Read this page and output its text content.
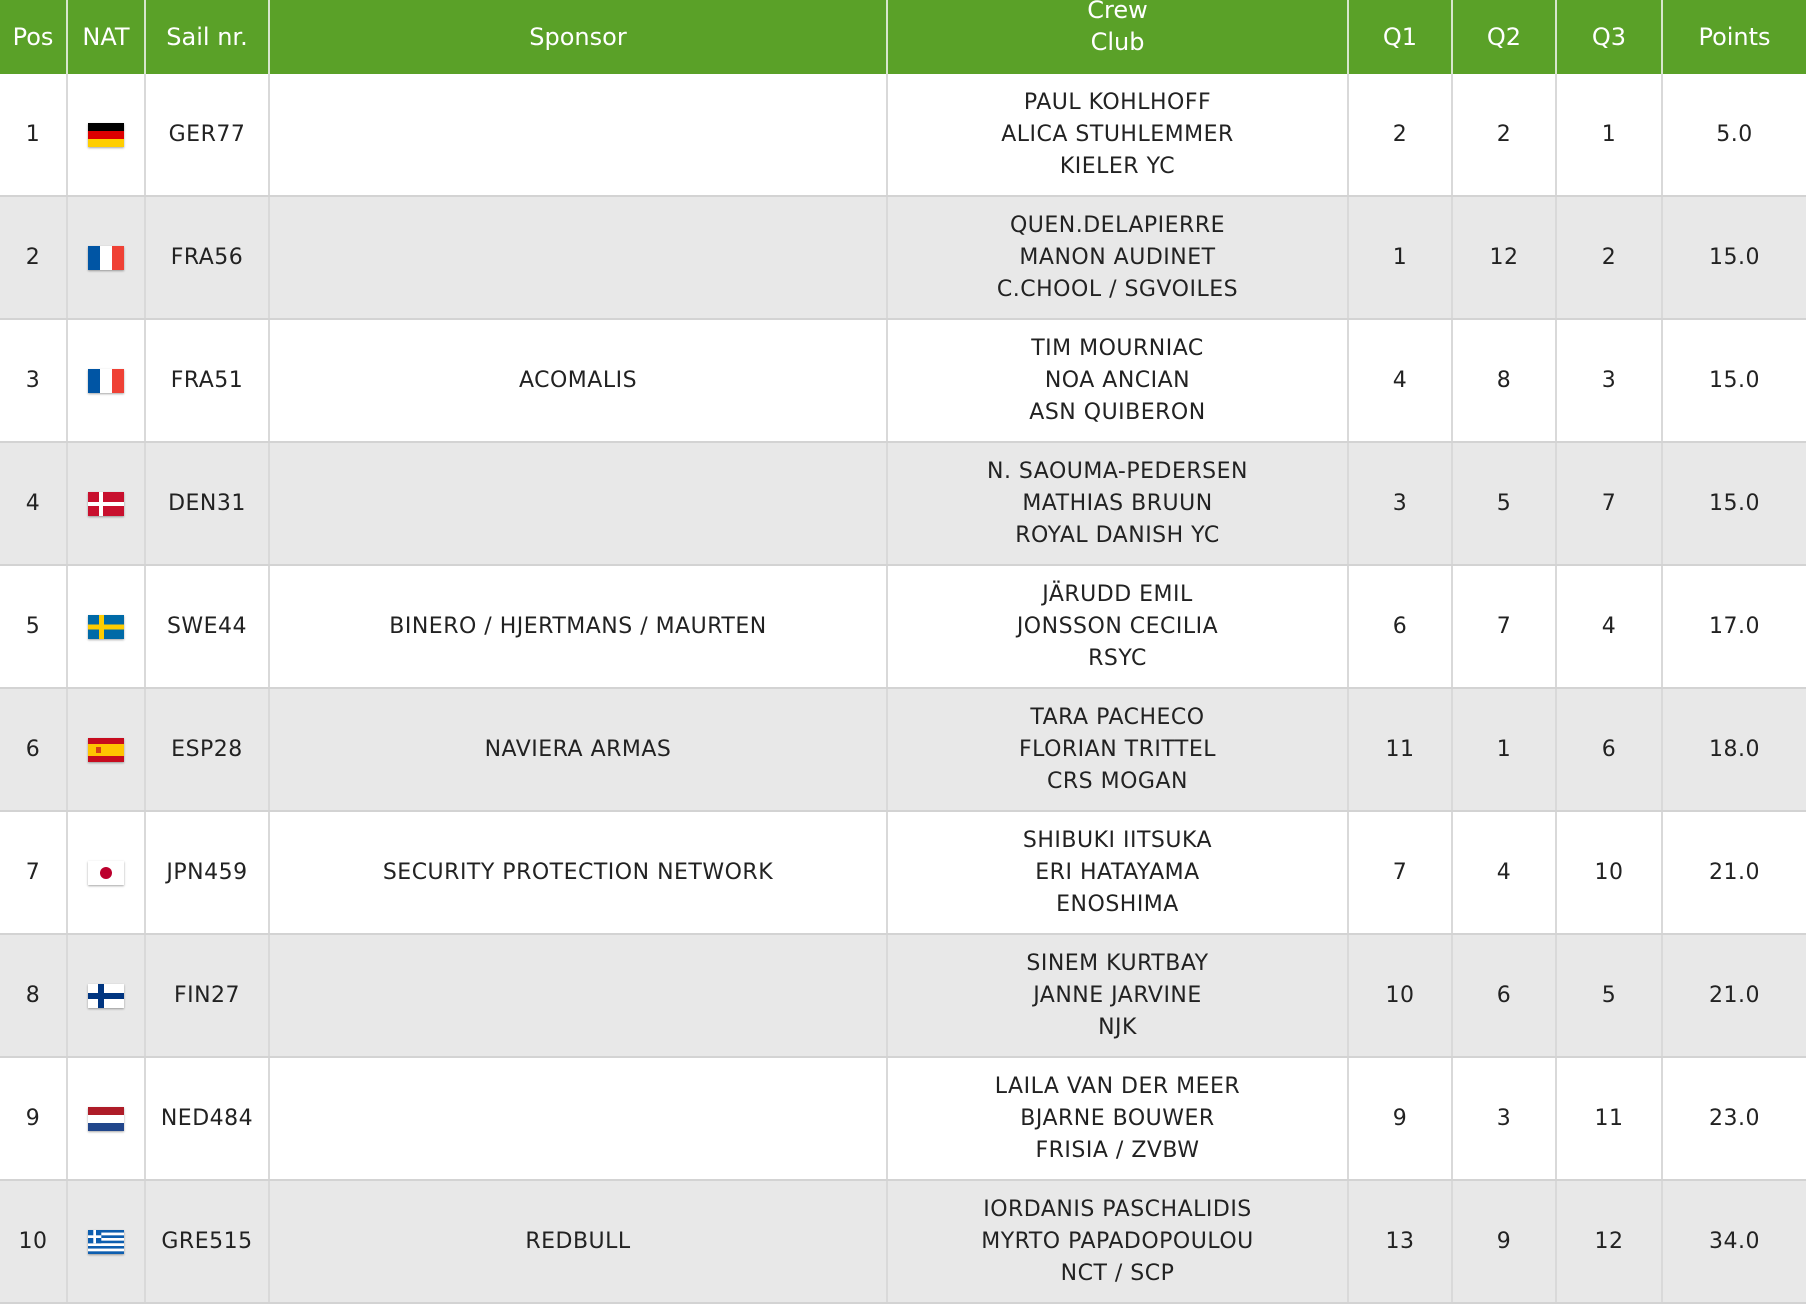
Pos	NAT	Sail nr.	Sponsor	Crew
Club	Q1	Q2	Q3	Points
1		GER77		PAUL KOHLHOFF
ALICA STUHLEMMER
KIELER YC	2	2	1	5.0
2		FRA56		QUEN.DELAPIERRE
MANON AUDINET
C.CHOOL / SGVOILES	1	12	2	15.0
3		FRA51	ACOMALIS	TIM MOURNIAC
NOA ANCIAN
ASN QUIBERON	4	8	3	15.0
4		DEN31		N. SAOUMA-PEDERSEN
MATHIAS BRUUN
ROYAL DANISH YC	3	5	7	15.0
5		SWE44	BINERO / HJERTMANS / MAURTEN	JÄRUDD EMIL
JONSSON CECILIA
RSYC	6	7	4	17.0
6		ESP28	NAVIERA ARMAS	TARA PACHECO
FLORIAN TRITTEL
CRS MOGAN	11	1	6	18.0
7		JPN459	SECURITY PROTECTION NETWORK	SHIBUKI IITSUKA
ERI HATAYAMA
ENOSHIMA	7	4	10	21.0
8		FIN27		SINEM KURTBAY
JANNE JARVINE
NJK	10	6	5	21.0
9		NED484		LAILA VAN DER MEER
BJARNE BOUWER
FRISIA / ZVBW	9	3	11	23.0
10		GRE515	REDBULL	IORDANIS PASCHALIDIS
MYRTO PAPADOPOULOU
NCT / SCP	13	9	12	34.0
